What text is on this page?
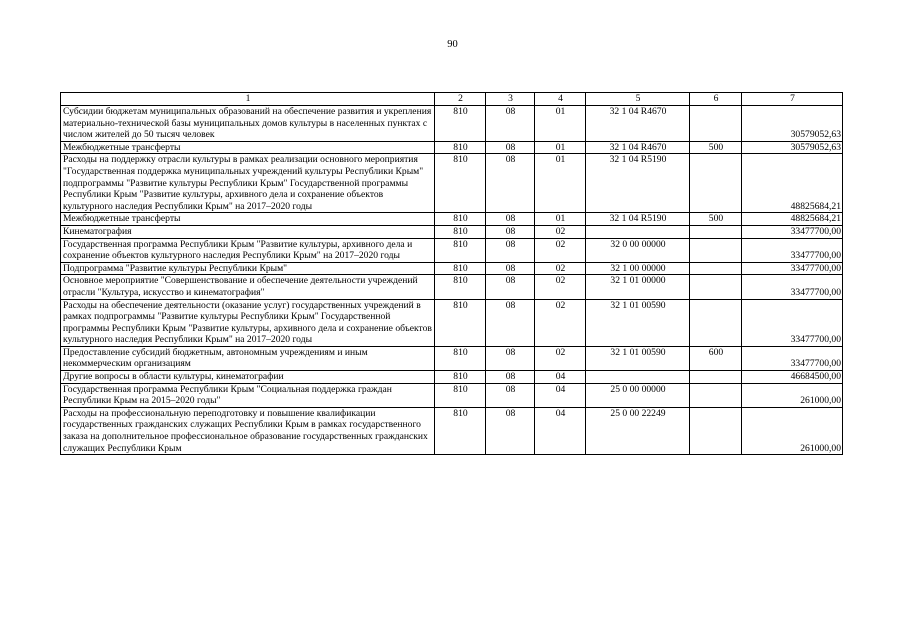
90
1	2	3	4	5	6	7
Субсидии бюджетам муниципальных образований на обеспечение развития и укрепления материально-технической базы муниципальных домов культуры в населенных пунктах с числом жителей до 50 тысяч человек	810	08	01	32 1 04 R4670		30579052,63
Межбюджетные трансферты	810	08	01	32 1 04 R4670	500	30579052,63
Расходы на поддержку отрасли культуры в рамках реализации основного мероприятия "Государственная поддержка муниципальных учреждений культуры Республики Крым" подпрограммы "Развитие культуры Республики Крым" Государственной программы Республики Крым "Развитие культуры, архивного дела и сохранение объектов культурного наследия Республики Крым" на 2017–2020 годы	810	08	01	32 1 04 R5190		48825684,21
Межбюджетные трансферты	810	08	01	32 1 04 R5190	500	48825684,21
Кинематография	810	08	02			33477700,00
Государственная программа Республики Крым "Развитие культуры, архивного дела и сохранение объектов культурного наследия Республики Крым" на 2017–2020 годы	810	08	02	32 0 00 00000		33477700,00
Подпрограмма "Развитие культуры Республики Крым"	810	08	02	32 1 00 00000		33477700,00
Основное мероприятие "Совершенствование и обеспечение деятельности учреждений отрасли "Культура, искусство и кинематография"	810	08	02	32 1 01 00000		33477700,00
Расходы на обеспечение деятельности (оказание услуг) государственных учреждений в рамках подпрограммы "Развитие культуры Республики Крым" Государственной программы Республики Крым "Развитие культуры, архивного дела и сохранение объектов культурного наследия Республики Крым" на 2017–2020 годы	810	08	02	32 1 01 00590		33477700,00
Предоставление субсидий бюджетным, автономным учреждениям и иным некоммерческим организациям	810	08	02	32 1 01 00590	600	33477700,00
Другие вопросы в области культуры, кинематографии	810	08	04			46684500,00
Государственная программа Республики Крым "Социальная поддержка граждан Республики Крым на 2015–2020 годы"	810	08	04	25 0 00 00000		261000,00
Расходы на профессиональную переподготовку и повышение квалификации государственных гражданских служащих Республики Крым в рамках государственного заказа на дополнительное профессиональное образование государственных гражданских служащих Республики Крым	810	08	04	25 0 00 22249		261000,00
